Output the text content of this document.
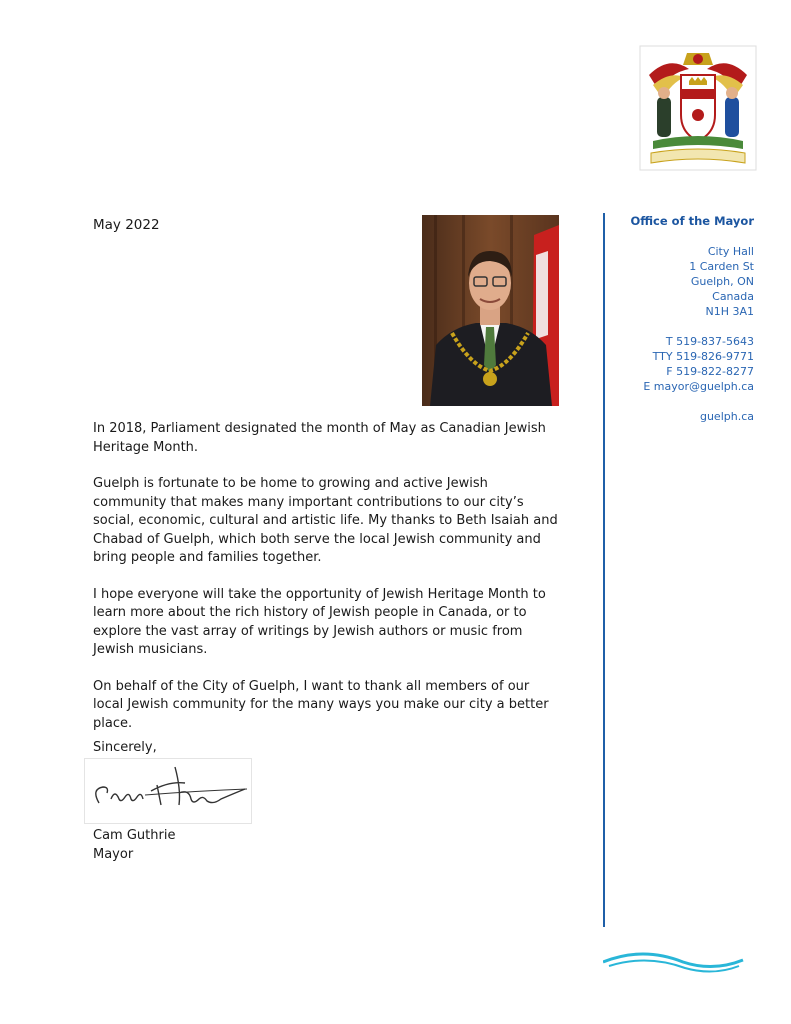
May 2022

In 2018, Parliament designated the month of May as Canadian Jewish Heritage Month.

Guelph is fortunate to be home to growing and active Jewish community that makes many important contributions to our city’s social, economic, cultural and artistic life. My thanks to Beth Isaiah and Chabad of Guelph, which both serve the local Jewish community and bring people and families together.

I hope everyone will take the opportunity of Jewish Heritage Month to learn more about the rich history of Jewish people in Canada, or to explore the vast array of writings by Jewish authors or music from Jewish musicians.

On behalf of the City of Guelph, I want to thank all members of our local Jewish community for the many ways you make our city a better place.

Sincerely,
Cam Guthrie
Mayor
Office of the Mayor
City Hall
1 Carden St
Guelph, ON
Canada
N1H 3A1
T 519-837-5643
TTY 519-826-9771
F 519-822-8277
E mayor@guelph.ca
guelph.ca
